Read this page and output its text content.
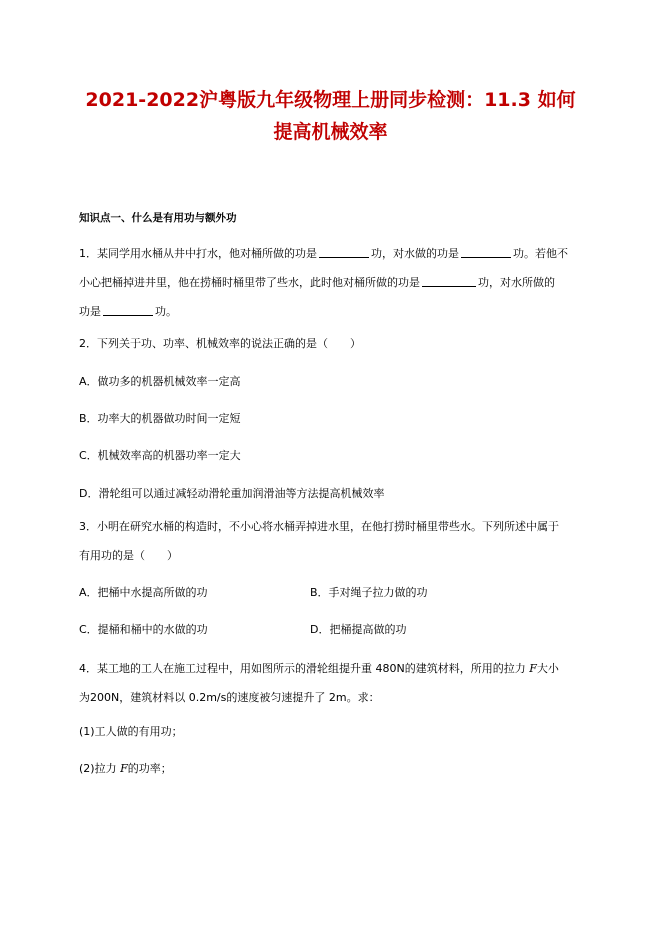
2021-2022沪粤版九年级物理上册同步检测：11.3 如何
提高机械效率

知识点一、什么是有用功与额外功

1．某同学用水桶从井中打水，他对桶所做的功是	功，对水做的功是	功。若他不
小心把桶掉进井里，他在捞桶时桶里带了些水，此时他对桶所做的功是	功，对水所做的
功是	功。

2．下列关于功、功率、机械效率的说法正确的是（　　）

A．做功多的机器机械效率一定高

B．功率大的机器做功时间一定短

C．机械效率高的机器功率一定大

D．滑轮组可以通过减轻动滑轮重加润滑油等方法提高机械效率

3．小明在研究水桶的构造时，不小心将水桶弄掉进水里，在他打捞时桶里带些水。下列所述中属于
有用功的是（　　）

A．把桶中水提高所做的功	B．手对绳子拉力做的功

C．提桶和桶中的水做的功	D．把桶提高做的功

4．某工地的工人在施工过程中，用如图所示的滑轮组提升重 480N的建筑材料，所用的拉力 F大小
为200N，建筑材料以 0.2m/s的速度被匀速提升了 2m。求：

(1)工人做的有用功；

(2)拉力 F的功率；
